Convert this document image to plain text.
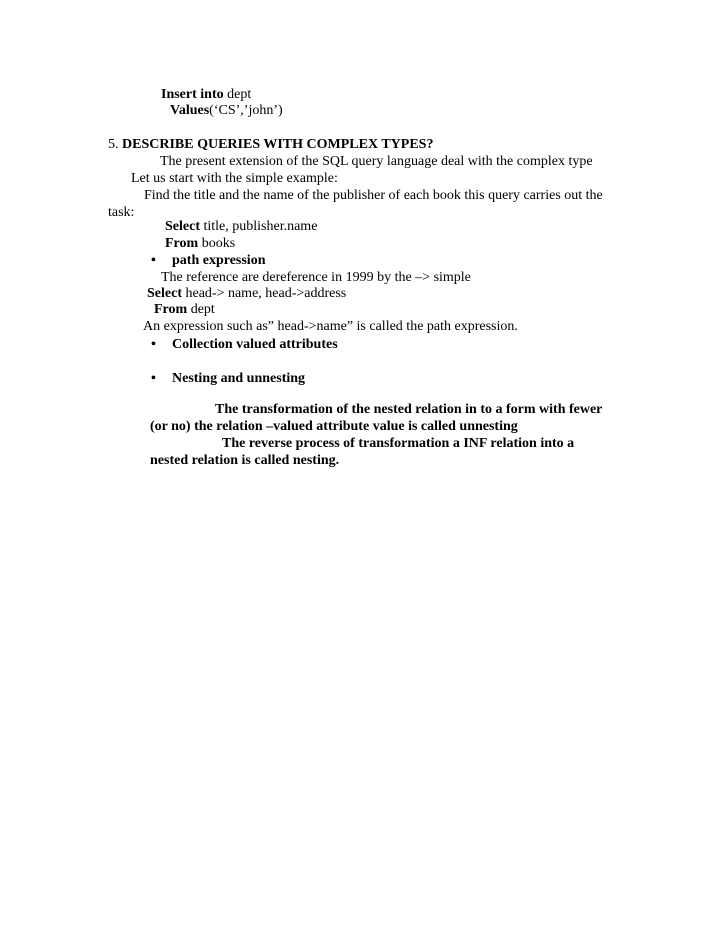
Insert into dept
Values(‘CS’,’john’)
5. DESCRIBE QUERIES WITH COMPLEX TYPES?
The present extension of the SQL query language deal with the complex type
Let us start with the simple example:
Find the title and the name of the publisher of each book this query carries out the
task:
Select title, publisher.name
From books
• path expression
The reference are dereference in 1999 by the –> simple
Select head-> name, head->address
From dept
An expression such as” head->name” is called the path expression.
• Collection valued attributes
• Nesting and unnesting
The transformation of the nested relation in to a form with fewer
(or no) the relation –valued attribute value is called unnesting
The reverse process of transformation a INF relation into a
nested relation is called nesting.
